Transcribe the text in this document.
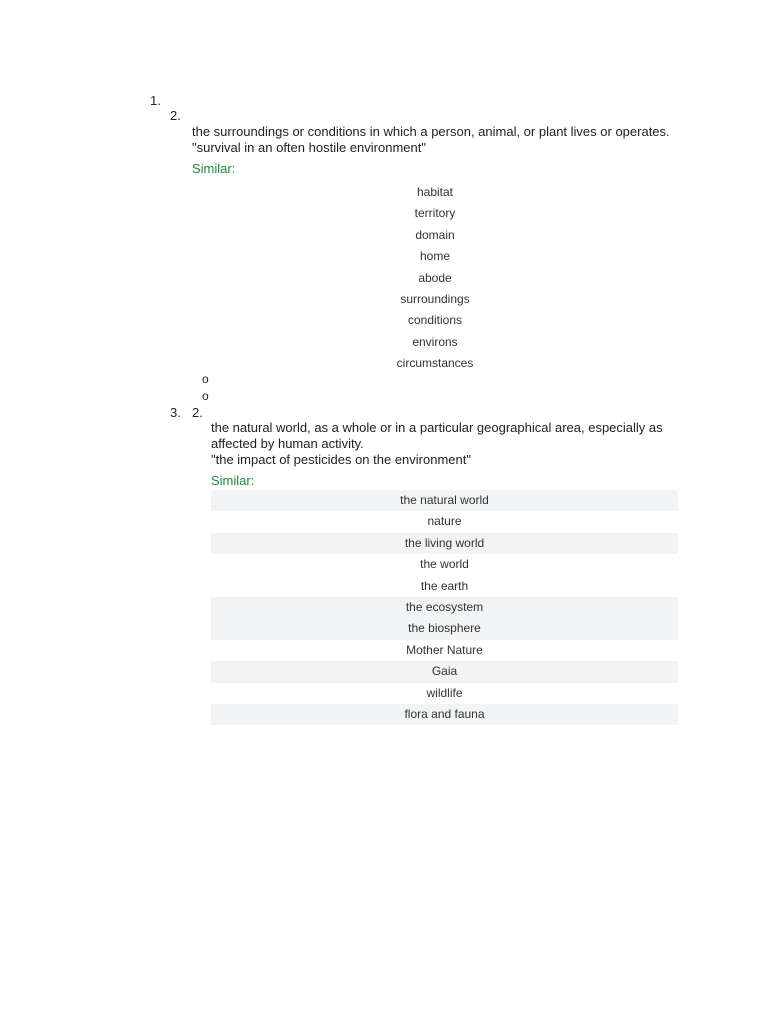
1.
2.
the surroundings or conditions in which a person, animal, or plant lives or operates.
"survival in an often hostile environment"
Similar:
habitat
territory
domain
home
abode
surroundings
conditions
environs
circumstances
o
o
3. 2.
the natural world, as a whole or in a particular geographical area, especially as affected by human activity.
"the impact of pesticides on the environment"
Similar:
the natural world
nature
the living world
the world
the earth
the ecosystem
the biosphere
Mother Nature
Gaia
wildlife
flora and fauna
